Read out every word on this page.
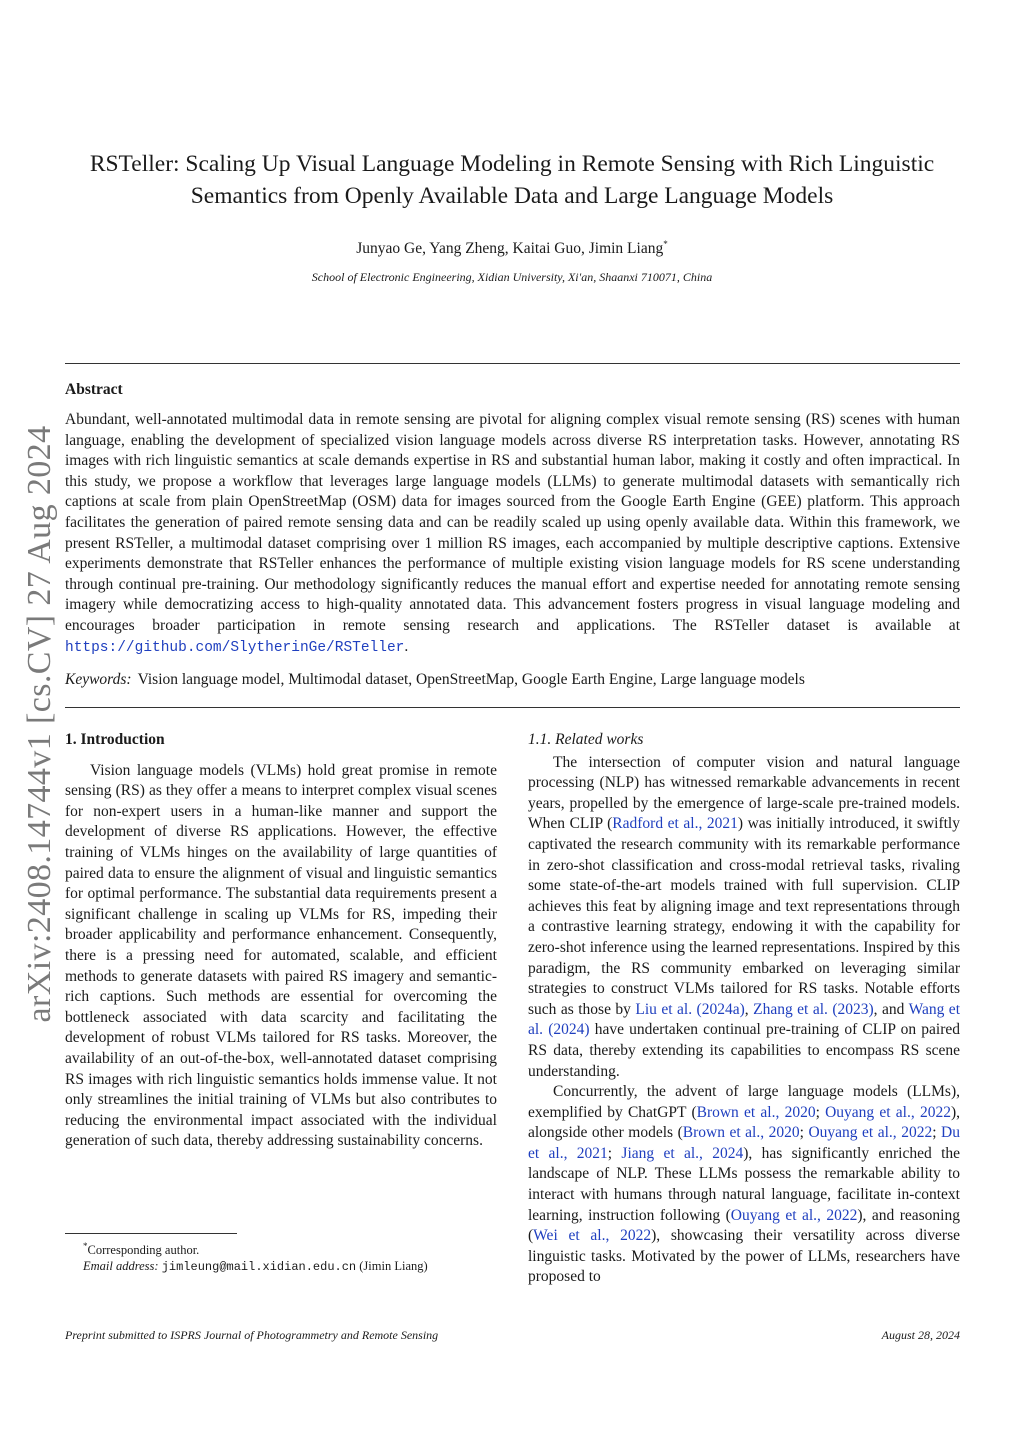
arXiv:2408.14744v1 [cs.CV] 27 Aug 2024
RSTeller: Scaling Up Visual Language Modeling in Remote Sensing with Rich Linguistic Semantics from Openly Available Data and Large Language Models
Junyao Ge, Yang Zheng, Kaitai Guo, Jimin Liang*
School of Electronic Engineering, Xidian University, Xi'an, Shaanxi 710071, China
Abstract
Abundant, well-annotated multimodal data in remote sensing are pivotal for aligning complex visual remote sensing (RS) scenes with human language, enabling the development of specialized vision language models across diverse RS interpretation tasks. However, annotating RS images with rich linguistic semantics at scale demands expertise in RS and substantial human labor, making it costly and often impractical. In this study, we propose a workflow that leverages large language models (LLMs) to generate multimodal datasets with semantically rich captions at scale from plain OpenStreetMap (OSM) data for images sourced from the Google Earth Engine (GEE) platform. This approach facilitates the generation of paired remote sensing data and can be readily scaled up using openly available data. Within this framework, we present RSTeller, a multimodal dataset comprising over 1 million RS images, each accompanied by multiple descriptive captions. Extensive experiments demonstrate that RSTeller enhances the performance of multiple existing vision language models for RS scene understanding through continual pre-training. Our methodology significantly reduces the manual effort and expertise needed for annotating remote sensing imagery while democratizing access to high-quality annotated data. This advancement fosters progress in visual language modeling and encourages broader participation in remote sensing research and applications. The RSTeller dataset is available at https://github.com/SlytherinGe/RSTeller.
Keywords: Vision language model, Multimodal dataset, OpenStreetMap, Google Earth Engine, Large language models
1. Introduction

Vision language models (VLMs) hold great promise in remote sensing (RS) as they offer a means to interpret complex visual scenes for non-expert users in a human-like manner and support the development of diverse RS applications. However, the effective training of VLMs hinges on the availability of large quantities of paired data to ensure the alignment of visual and linguistic semantics for optimal performance. The substantial data requirements present a significant challenge in scaling up VLMs for RS, impeding their broader applicability and performance enhancement. Consequently, there is a pressing need for automated, scalable, and efficient methods to generate datasets with paired RS imagery and semantic-rich captions. Such methods are essential for overcoming the bottleneck associated with data scarcity and facilitating the development of robust VLMs tailored for RS tasks. Moreover, the availability of an out-of-the-box, well-annotated dataset comprising RS images with rich linguistic semantics holds immense value. It not only streamlines the initial training of VLMs but also contributes to reducing the environmental impact associated with the individual generation of such data, thereby addressing sustainability concerns.

1.1. Related works

The intersection of computer vision and natural language processing (NLP) has witnessed remarkable advancements in recent years, propelled by the emergence of large-scale pre-trained models. When CLIP (Radford et al., 2021) was initially introduced, it swiftly captivated the research community with its remarkable performance in zero-shot classification and cross-modal retrieval tasks, rivaling some state-of-the-art models trained with full supervision. CLIP achieves this feat by aligning image and text representations through a contrastive learning strategy, endowing it with the capability for zero-shot inference using the learned representations. Inspired by this paradigm, the RS community embarked on leveraging similar strategies to construct VLMs tailored for RS tasks. Notable efforts such as those by Liu et al. (2024a), Zhang et al. (2023), and Wang et al. (2024) have undertaken continual pre-training of CLIP on paired RS data, thereby extending its capabilities to encompass RS scene understanding.

Concurrently, the advent of large language models (LLMs), exemplified by ChatGPT (Brown et al., 2020; Ouyang et al., 2022), alongside other models (Brown et al., 2020; Ouyang et al., 2022; Du et al., 2021; Jiang et al., 2024), has significantly enriched the landscape of NLP. These LLMs possess the remarkable ability to interact with humans through natural language, facilitate in-context learning, instruction following (Ouyang et al., 2022), and reasoning (Wei et al., 2022), showcasing their versatility across diverse linguistic tasks. Motivated by the power of LLMs, researchers have proposed to

*Corresponding author.
Email address: jimleung@mail.xidian.edu.cn (Jimin Liang)
Preprint submitted to ISPRS Journal of Photogrammetry and Remote Sensing	August 28, 2024
